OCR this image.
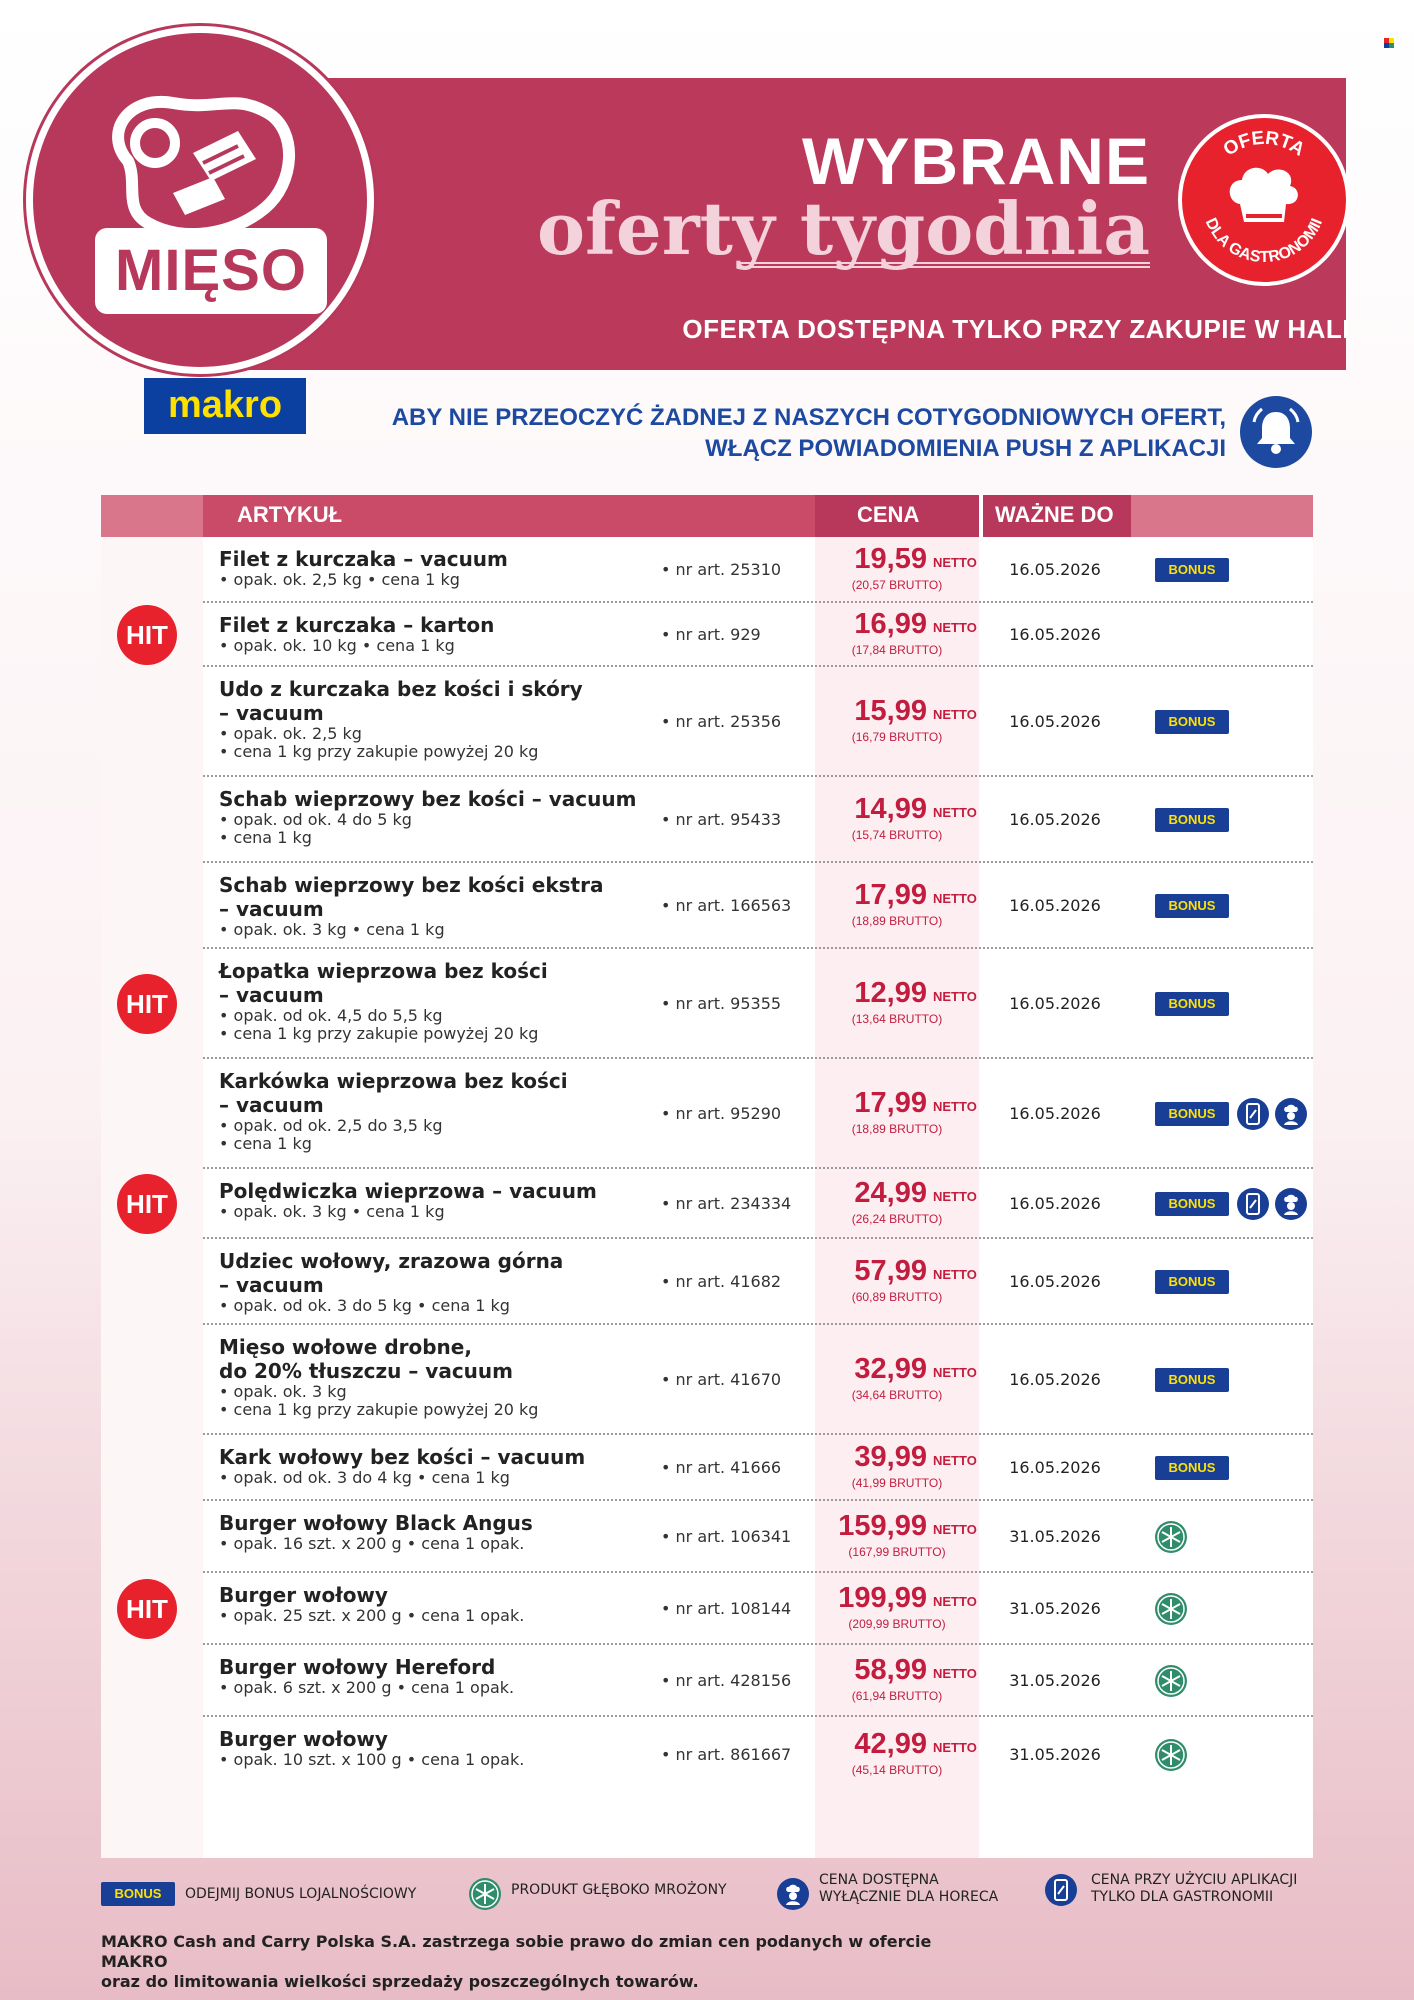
MIĘSO
makro
WYBRANE
oferty tygodnia
OFERTA
DLA GASTRONOMII
OFERTA DOSTĘPNA TYLKO PRZY ZAKUPIE W HALI
ABY NIE PRZEOCZYĆ ŻADNEJ Z NASZYCH COTYGODNIOWYCH OFERT,
WŁĄCZ POWIADOMIENIA PUSH Z APLIKACJI
ARTYKUŁ	CENA	WAŻNE DO
Filet z kurczaka – vacuum
• opak. ok. 2,5 kg • cena 1 kg
• nr art. 25310	19,59 NETTO
(20,57 BRUTTO)
16.05.2026	BONUS
HIT	Filet z kurczaka – karton
• opak. ok. 10 kg • cena 1 kg
• nr art. 929	16,99 NETTO
(17,84 BRUTTO)
16.05.2026
Udo z kurczaka bez kości i skóry
– vacuum
• opak. ok. 2,5 kg
• cena 1 kg przy zakupie powyżej 20 kg
• nr art. 25356	15,99 NETTO
(16,79 BRUTTO)
16.05.2026	BONUS
Schab wieprzowy bez kości – vacuum
• opak. od ok. 4 do 5 kg
• cena 1 kg
• nr art. 95433	14,99 NETTO
(15,74 BRUTTO)
16.05.2026	BONUS
Schab wieprzowy bez kości ekstra
– vacuum
• opak. ok. 3 kg • cena 1 kg
• nr art. 166563	17,99 NETTO
(18,89 BRUTTO)
16.05.2026	BONUS
HIT
Łopatka wieprzowa bez kości
– vacuum
• opak. od ok. 4,5 do 5,5 kg
• cena 1 kg przy zakupie powyżej 20 kg
• nr art. 95355	12,99 NETTO
(13,64 BRUTTO)
16.05.2026	BONUS
Karkówka wieprzowa bez kości
– vacuum
• opak. od ok. 2,5 do 3,5 kg
• cena 1 kg
• nr art. 95290	17,99 NETTO
(18,89 BRUTTO)
16.05.2026	BONUS
HIT	Polędwiczka wieprzowa – vacuum
• opak. ok. 3 kg • cena 1 kg	• nr art. 234334	24,99 NETTO
(26,24 BRUTTO)
16.05.2026	BONUS
Udziec wołowy, zrazowa górna
– vacuum
• opak. od ok. 3 do 5 kg • cena 1 kg
• nr art. 41682	57,99 NETTO
(60,89 BRUTTO)
16.05.2026	BONUS
Mięso wołowe drobne,
do 20% tłuszczu – vacuum
• opak. ok. 3 kg
• cena 1 kg przy zakupie powyżej 20 kg
• nr art. 41670	32,99 NETTO
(34,64 BRUTTO)
16.05.2026	BONUS
Kark wołowy bez kości – vacuum
• opak. od ok. 3 do 4 kg • cena 1 kg
• nr art. 41666	39,99 NETTO
(41,99 BRUTTO)
16.05.2026	BONUS
Burger wołowy Black Angus
• opak. 16 szt. x 200 g • cena 1 opak.	• nr art. 106341	159,99 NETTO
(167,99 BRUTTO)
31.05.2026
HIT	Burger wołowy
• opak. 25 szt. x 200 g • cena 1 opak.	• nr art. 108144	199,99 NETTO
(209,99 BRUTTO)
31.05.2026
Burger wołowy Hereford
• opak. 6 szt. x 200 g • cena 1 opak.	• nr art. 428156	58,99 NETTO
(61,94 BRUTTO)
31.05.2026
Burger wołowy
• opak. 10 szt. x 100 g • cena 1 opak.	• nr art. 861667	42,99 NETTO
(45,14 BRUTTO)
31.05.2026
BONUS	ODEJMIJ BONUS LOJALNOŚCIOWY	PRODUKT GŁĘBOKO MROŻONY
CENA DOSTĘPNA
WYŁĄCZNIE DLA HORECA
CENA PRZY UŻYCIU APLIKACJI
TYLKO DLA GASTRONOMII
MAKRO Cash and Carry Polska S.A. zastrzega sobie prawo do zmian cen podanych w ofercie MAKRO
oraz do limitowania wielkości sprzedaży poszczególnych towarów.
